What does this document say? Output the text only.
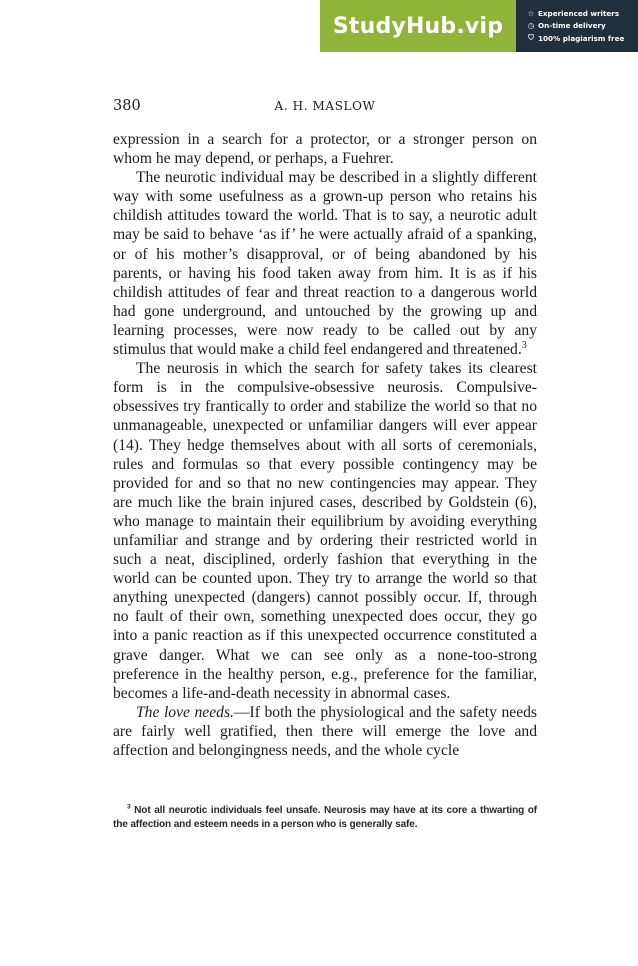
StudyHub.vip	☆ Experienced writers
◷ On-time delivery
⛉ 100% plagiarism free
380	A. H. MASLOW

expression in a search for a protector, or a stronger person on whom he may depend, or perhaps, a Fuehrer.

The neurotic individual may be described in a slightly different way with some usefulness as a grown-up person who retains his childish attitudes toward the world. That is to say, a neurotic adult may be said to behave ‘as if’ he were actually afraid of a spanking, or of his mother’s disapproval, or of being abandoned by his parents, or having his food taken away from him. It is as if his childish attitudes of fear and threat reaction to a dangerous world had gone underground, and untouched by the growing up and learning processes, were now ready to be called out by any stimulus that would make a child feel endangered and threatened.$^3$

The neurosis in which the search for safety takes its clearest form is in the compulsive-obsessive neurosis. Compulsive-obsessives try frantically to order and stabilize the world so that no unmanageable, unexpected or unfamiliar dangers will ever appear (14). They hedge themselves about with all sorts of ceremonials, rules and formulas so that every possible contingency may be provided for and so that no new contingencies may appear. They are much like the brain injured cases, described by Goldstein (6), who manage to maintain their equilibrium by avoiding everything unfamiliar and strange and by ordering their restricted world in such a neat, disciplined, orderly fashion that everything in the world can be counted upon. They try to arrange the world so that anything unexpected (dangers) cannot possibly occur. If, through no fault of their own, something unexpected does occur, they go into a panic reaction as if this unexpected occurrence constituted a grave danger. What we can see only as a none-too-strong preference in the healthy person, e.g., preference for the familiar, becomes a life-and-death necessity in abnormal cases.

The love needs.—If both the physiological and the safety needs are fairly well gratified, then there will emerge the love and affection and belongingness needs, and the whole cycle

$^3$ Not all neurotic individuals feel unsafe. Neurosis may have at its core a thwarting of the affection and esteem needs in a person who is generally safe.
